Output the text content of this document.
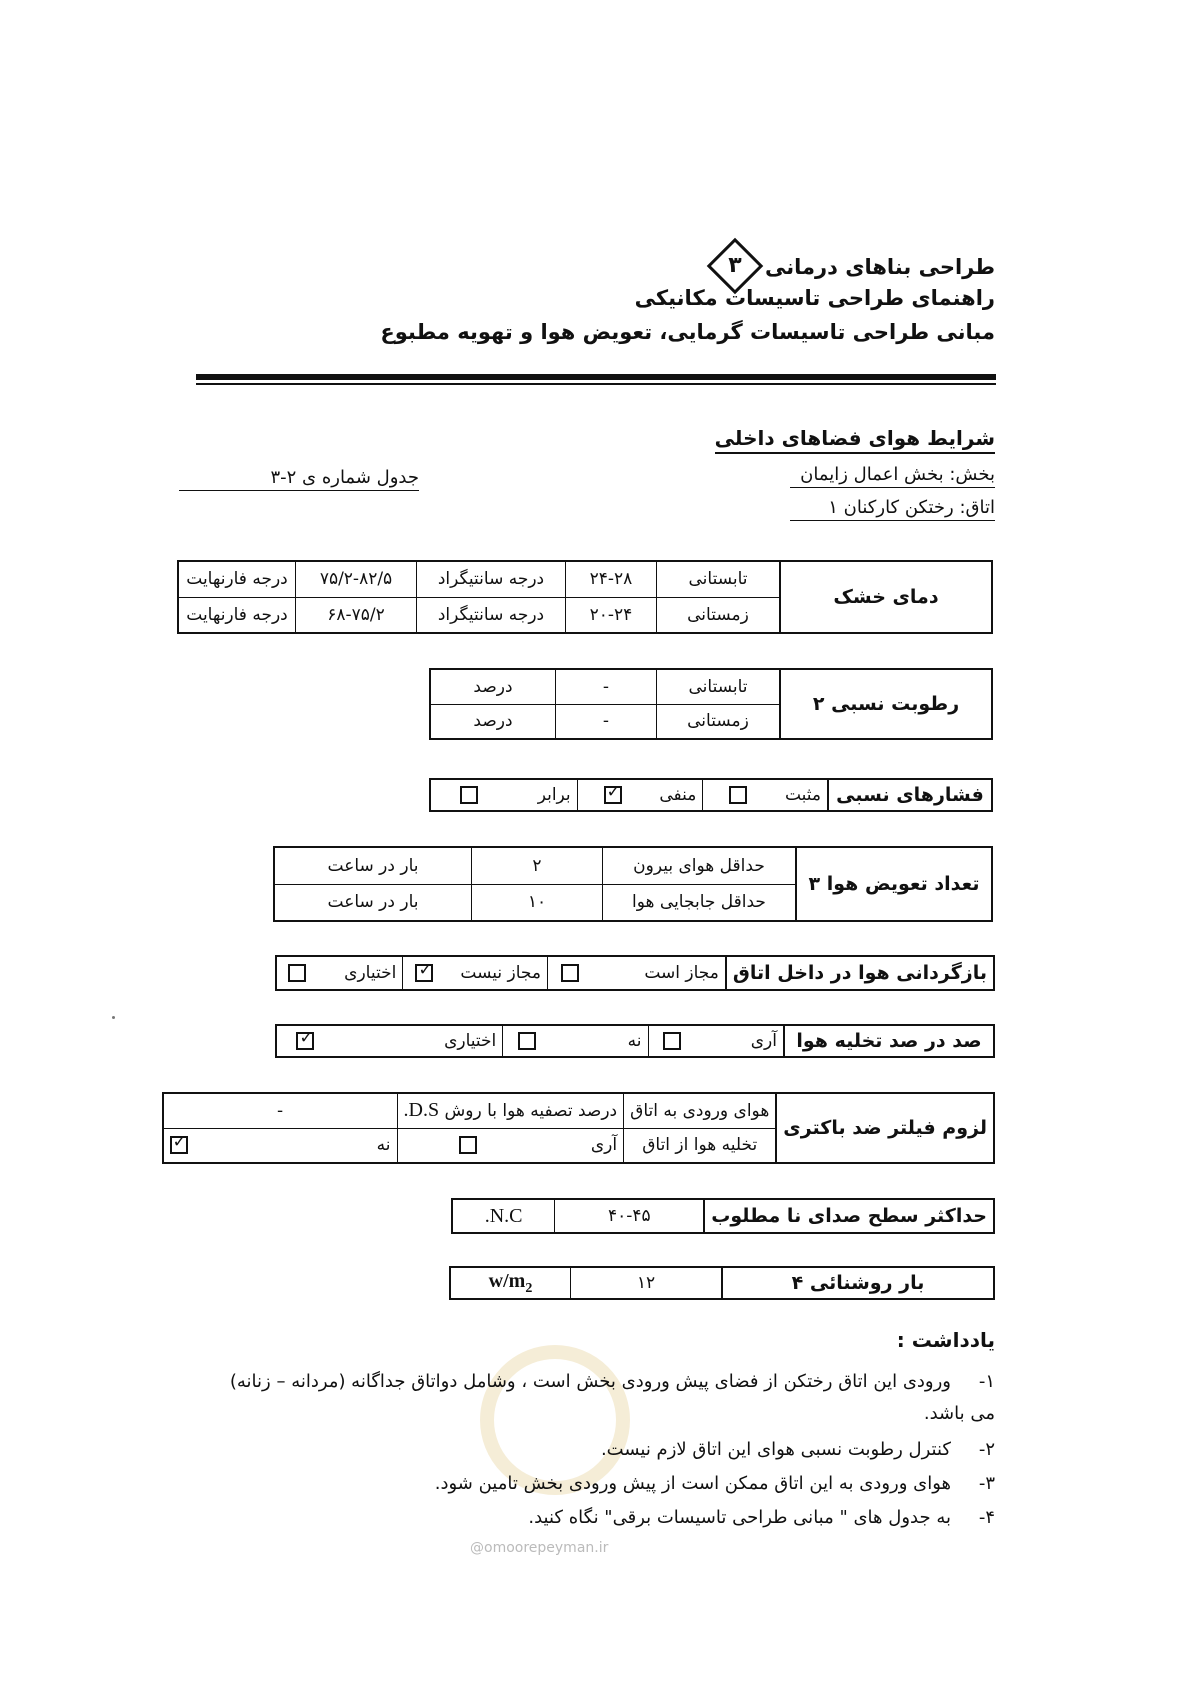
طراحی بناهای درمانی
۳
راهنمای طراحی تاسیسات مکانیکی
مبانی طراحی تاسیسات گرمایی، تعویض هوا و تهویه مطبوع
شرایط هوای فضاهای داخلی
بخش: بخش اعمال زایمان
اتاق: رختکن کارکنان ۱
جدول شماره ی ۲-۳
دمای خشک	تابستانی	۲۴-۲۸	درجه سانتیگراد	۷۵/۲-۸۲/۵	درجه فارنهایت
	زمستانی	۲۰-۲۴	درجه سانتیگراد	۶۸-۷۵/۲	درجه فارنهایت
رطوبت نسبی ۲	تابستانی	-	درصد
	زمستانی	-	درصد
فشارهای نسبی	مثبت	منفی       ✓	برابر
تعداد تعویض هوا ۳	حداقل هوای بیرون	۲	بار در ساعت
	حداقل جابجایی هوا	۱۰	بار در ساعت
بازگردانی هوا در داخل اتاق	مجاز است	مجاز نیست     ✓	اختیاری
صد در صد تخلیه هوا	آری	نه	اختیاری                        ✓
لزوم فیلتر ضد باکتری	هوای ورودی به اتاق	درصد تصفیه هوا با روش D.S.	-
	تخلیه هوا از اتاق	آری	نه                                   ✓
حداکثر سطح صدای نا مطلوب	۴۰-۴۵	N.C.
بار روشنائی ۴	۱۲	$w/m_2$
@omoorepeyman.ir
یادداشت :
۱-ورودی این اتاق رختکن از فضای پیش ورودی بخش است ، وشامل دواتاق جداگانه (مردانه – زنانه) می باشد.
۲-کنترل رطوبت نسبی هوای این اتاق لازم نیست.
۳-هوای ورودی به این اتاق ممکن است از پیش ورودی بخش تامین شود.
۴-به جدول های " مبانی طراحی تاسیسات برقی" نگاه کنید.
